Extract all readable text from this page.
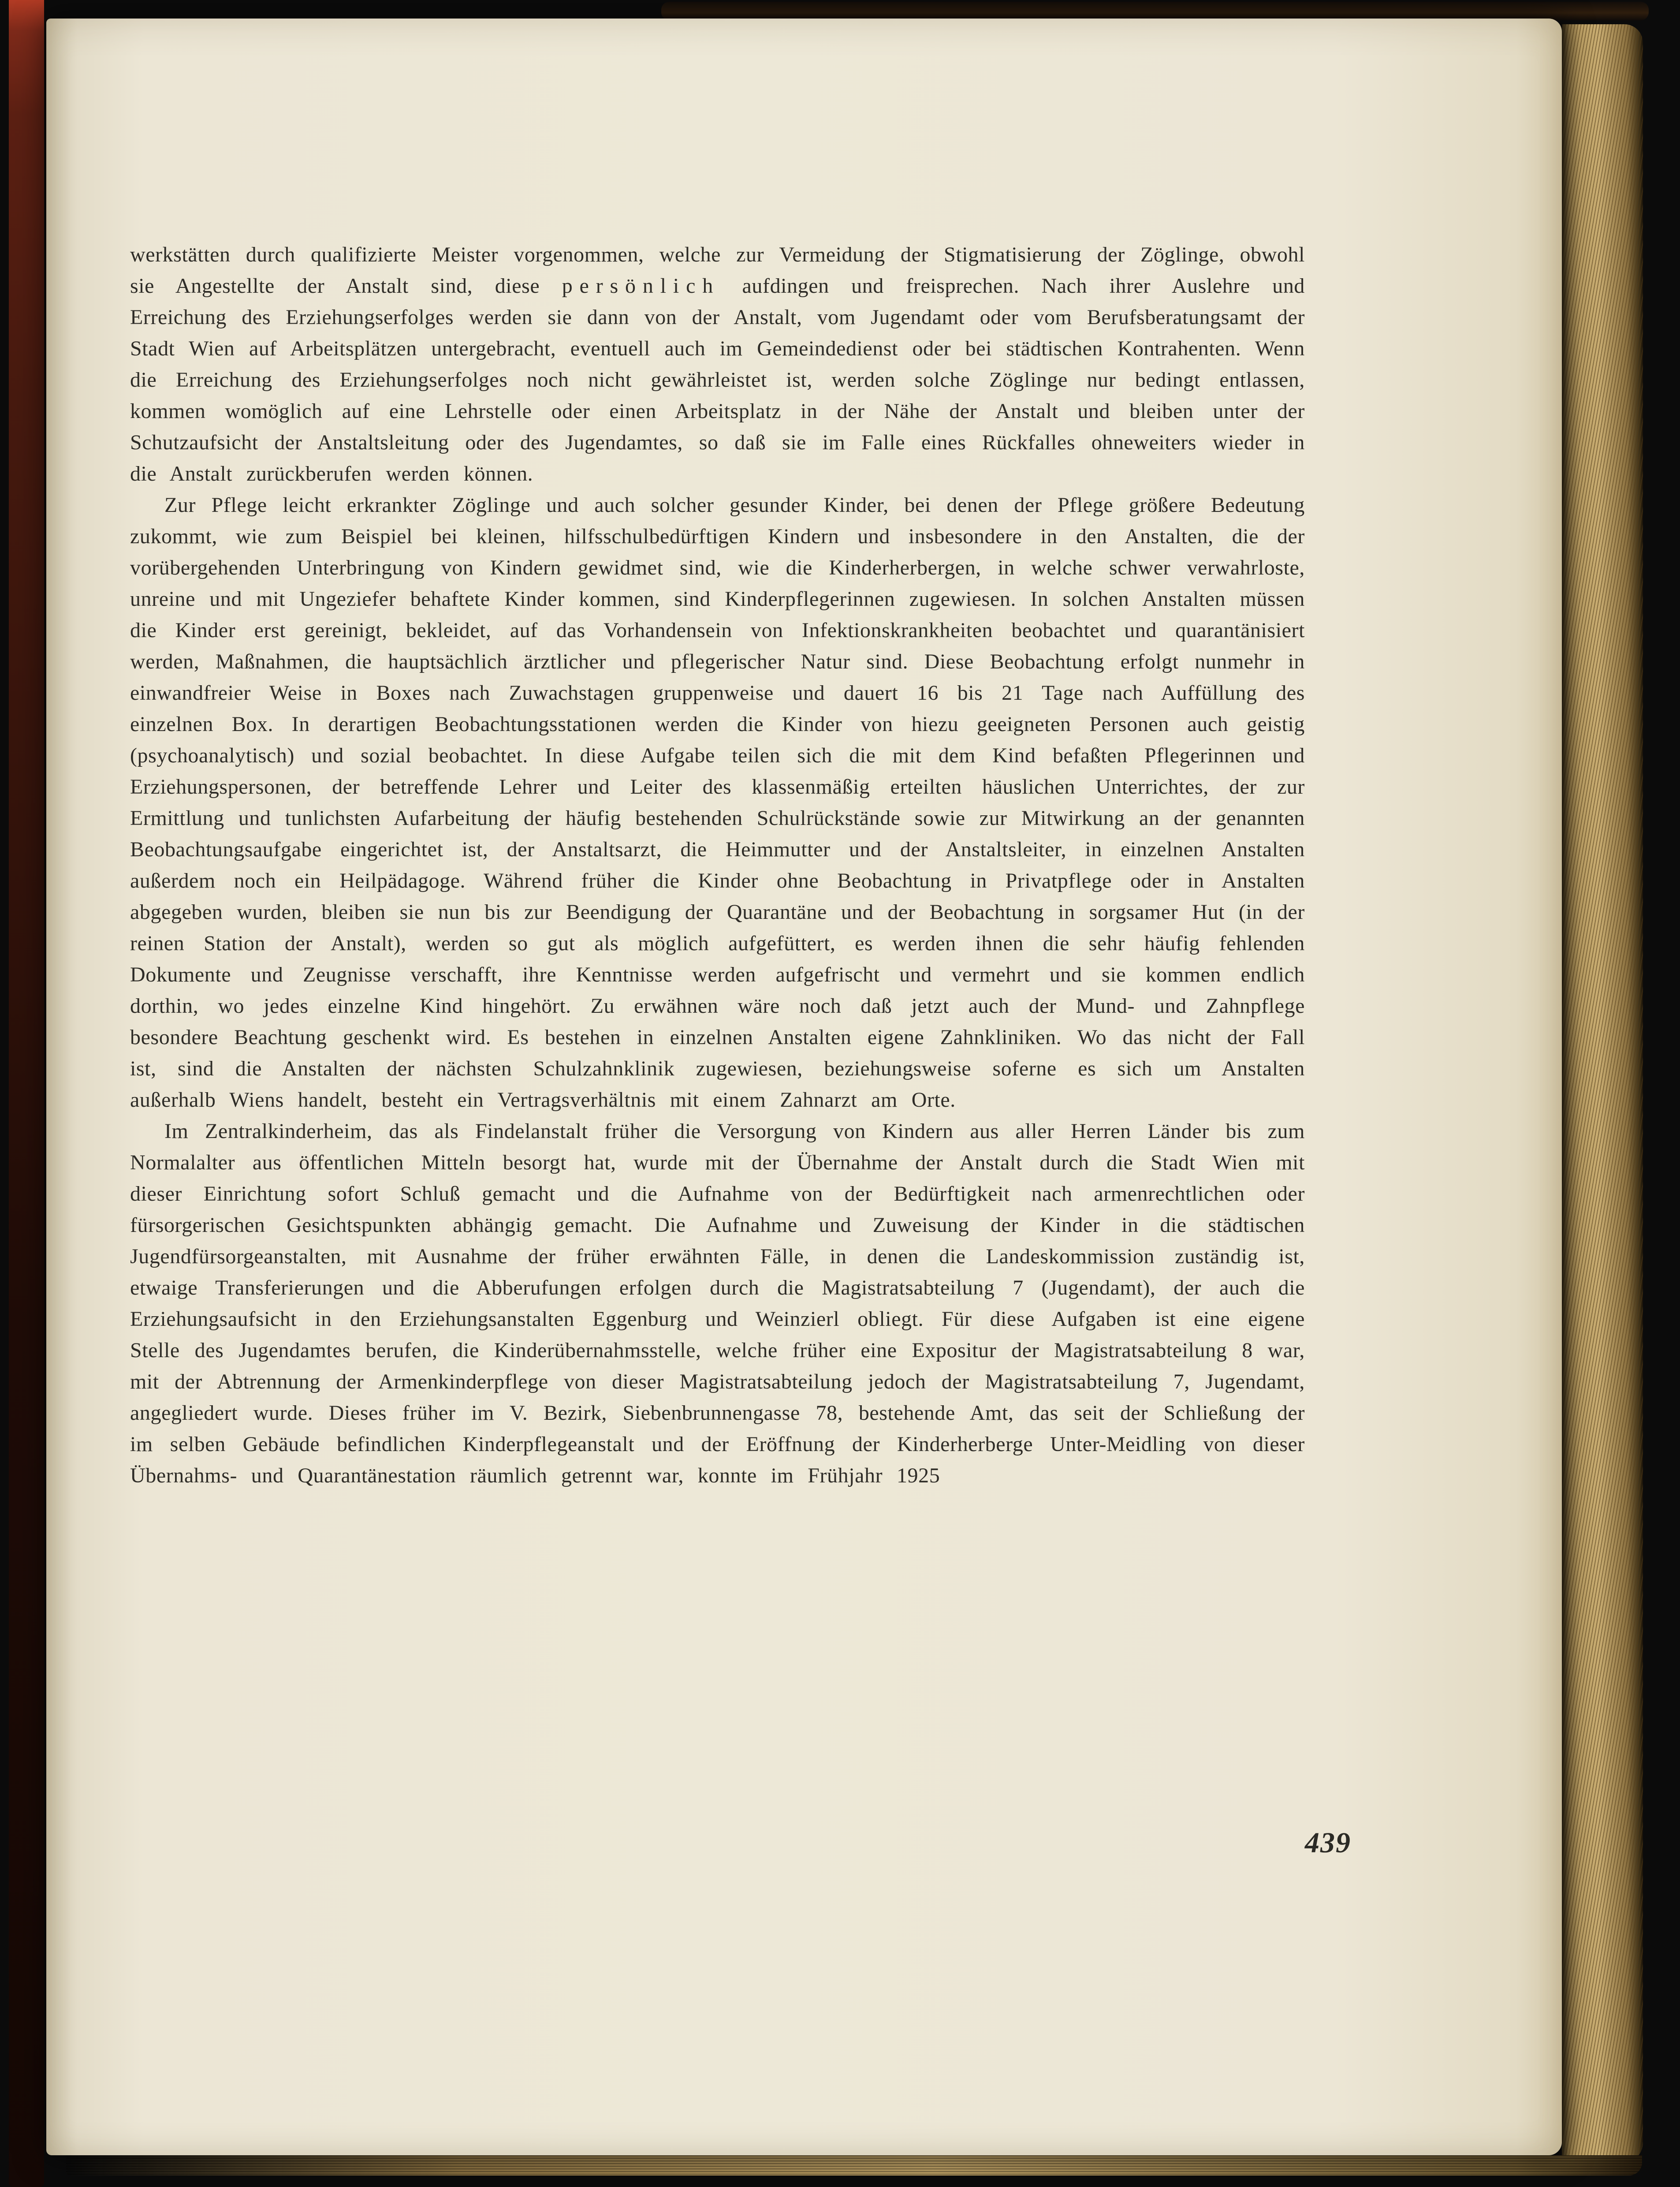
werkstätten durch qualifizierte Meister vorgenommen, welche zur Vermeidung der Stigmatisierung der Zöglinge, obwohl sie Angestellte der Anstalt sind, diese persönlich aufdingen und freisprechen. Nach ihrer Auslehre und Erreichung des Erziehungserfolges werden sie dann von der Anstalt, vom Jugendamt oder vom Berufsberatungsamt der Stadt Wien auf Arbeitsplätzen untergebracht, eventuell auch im Gemeindedienst oder bei städtischen Kontrahenten. Wenn die Erreichung des Erziehungserfolges noch nicht gewährleistet ist, werden solche Zöglinge nur bedingt entlassen, kommen womöglich auf eine Lehrstelle oder einen Arbeitsplatz in der Nähe der Anstalt und bleiben unter der Schutzaufsicht der Anstaltsleitung oder des Jugendamtes, so daß sie im Falle eines Rückfalles ohneweiters wieder in die Anstalt zurückberufen werden können.

Zur Pflege leicht erkrankter Zöglinge und auch solcher gesunder Kinder, bei denen der Pflege größere Bedeutung zukommt, wie zum Beispiel bei kleinen, hilfsschulbedürftigen Kindern und insbesondere in den Anstalten, die der vorübergehenden Unterbringung von Kindern gewidmet sind, wie die Kinderherbergen, in welche schwer verwahrloste, unreine und mit Ungeziefer behaftete Kinder kommen, sind Kinderpflegerinnen zugewiesen. In solchen Anstalten müssen die Kinder erst gereinigt, bekleidet, auf das Vorhandensein von Infektionskrankheiten beobachtet und quarantänisiert werden, Maßnahmen, die hauptsächlich ärztlicher und pflegerischer Natur sind. Diese Beobachtung erfolgt nunmehr in einwandfreier Weise in Boxes nach Zuwachstagen gruppenweise und dauert 16 bis 21 Tage nach Auffüllung des einzelnen Box. In derartigen Beobachtungsstationen werden die Kinder von hiezu geeigneten Personen auch geistig (psychoanalytisch) und sozial beobachtet. In diese Aufgabe teilen sich die mit dem Kind befaßten Pflegerinnen und Erziehungspersonen, der betreffende Lehrer und Leiter des klassenmäßig erteilten häuslichen Unterrichtes, der zur Ermittlung und tunlichsten Aufarbeitung der häufig bestehenden Schulrückstände sowie zur Mitwirkung an der genannten Beobachtungsaufgabe eingerichtet ist, der Anstaltsarzt, die Heimmutter und der Anstaltsleiter, in einzelnen Anstalten außerdem noch ein Heilpädagoge. Während früher die Kinder ohne Beobachtung in Privatpflege oder in Anstalten abgegeben wurden, bleiben sie nun bis zur Beendigung der Quarantäne und der Beobachtung in sorgsamer Hut (in der reinen Station der Anstalt), werden so gut als möglich aufgefüttert, es werden ihnen die sehr häufig fehlenden Dokumente und Zeugnisse verschafft, ihre Kenntnisse werden aufgefrischt und vermehrt und sie kommen endlich dorthin, wo jedes einzelne Kind hingehört. Zu erwähnen wäre noch daß jetzt auch der Mund- und Zahnpflege besondere Beachtung geschenkt wird. Es bestehen in einzelnen Anstalten eigene Zahnkliniken. Wo das nicht der Fall ist, sind die Anstalten der nächsten Schulzahnklinik zugewiesen, beziehungsweise soferne es sich um Anstalten außerhalb Wiens handelt, besteht ein Vertragsverhältnis mit einem Zahnarzt am Orte.

Im Zentralkinderheim, das als Findelanstalt früher die Versorgung von Kindern aus aller Herren Länder bis zum Normalalter aus öffentlichen Mitteln besorgt hat, wurde mit der Übernahme der Anstalt durch die Stadt Wien mit dieser Einrichtung sofort Schluß gemacht und die Aufnahme von der Bedürftigkeit nach armenrechtlichen oder fürsorgerischen Gesichtspunkten abhängig gemacht. Die Aufnahme und Zuweisung der Kinder in die städtischen Jugendfürsorgeanstalten, mit Ausnahme der früher erwähnten Fälle, in denen die Landeskommission zuständig ist, etwaige Transferierungen und die Abberufungen erfolgen durch die Magistratsabteilung 7 (Jugendamt), der auch die Erziehungsaufsicht in den Erziehungsanstalten Eggenburg und Weinzierl obliegt. Für diese Aufgaben ist eine eigene Stelle des Jugendamtes berufen, die Kinderübernahmsstelle, welche früher eine Expositur der Magistratsabteilung 8 war, mit der Abtrennung der Armenkinderpflege von dieser Magistratsabteilung jedoch der Magistratsabteilung 7, Jugendamt, angegliedert wurde. Dieses früher im V. Bezirk, Siebenbrunnengasse 78, bestehende Amt, das seit der Schließung der im selben Gebäude befindlichen Kinderpflegeanstalt und der Eröffnung der Kinderherberge Unter-Meidling von dieser Übernahms- und Quarantänestation räumlich getrennt war, konnte im Frühjahr 1925

439
